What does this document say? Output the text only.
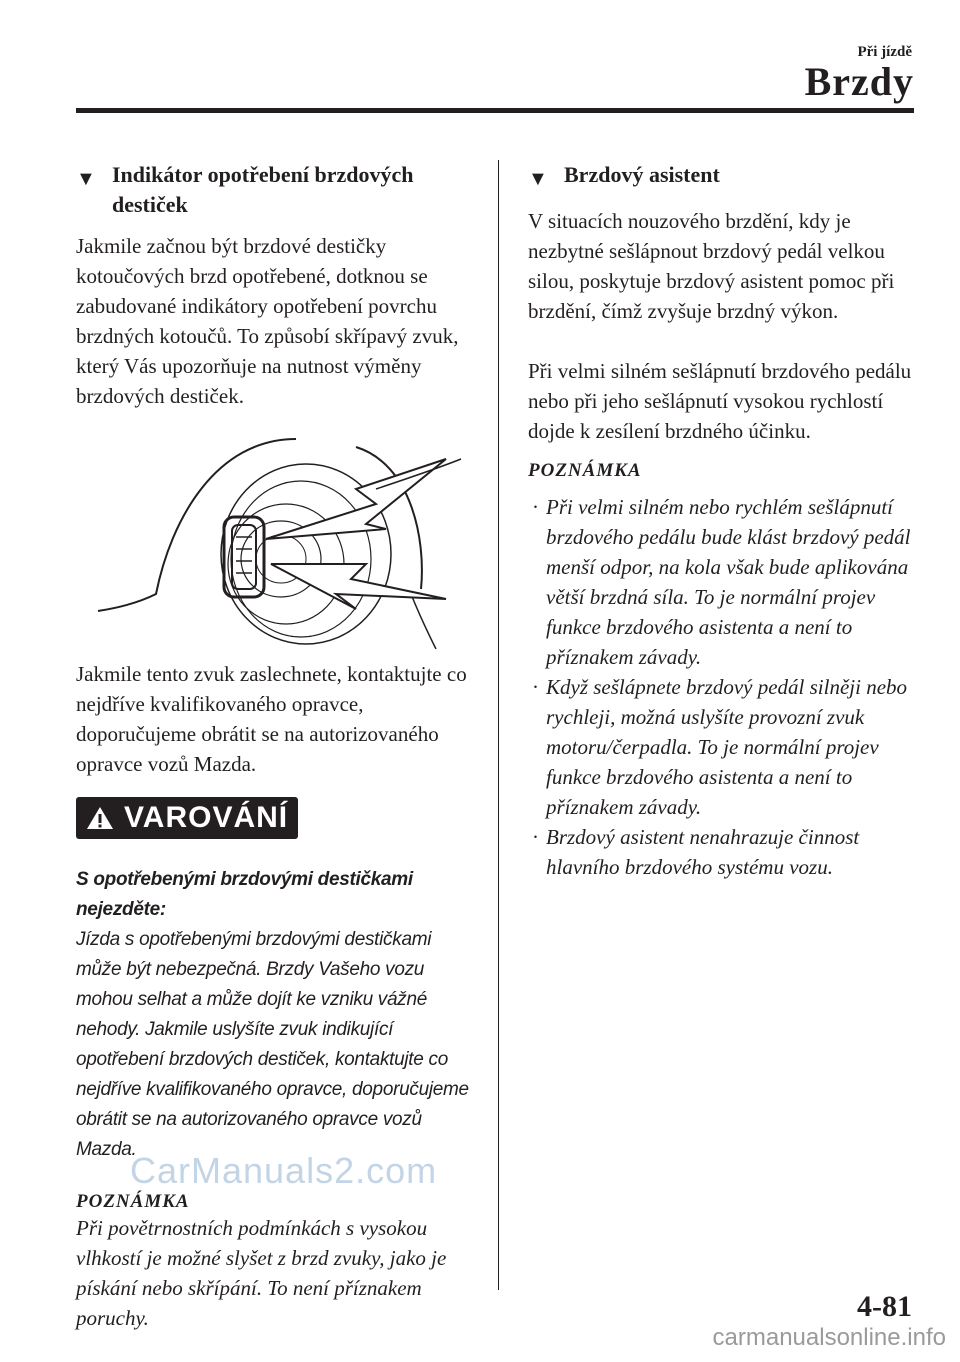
Při jízdě
Brzdy
▼ Indikátor opotřebení brzdových destiček

Jakmile začnou být brzdové destičky kotoučových brzd opotřebené, dotknou se zabudované indikátory opotřebení povrchu brzdných kotoučů. To způsobí skřípavý zvuk, který Vás upozorňuje na nutnost výměny brzdových destiček.

Jakmile tento zvuk zaslechnete, kontaktujte co nejdříve kvalifikovaného opravce, doporučujeme obrátit se na autorizovaného opravce vozů Mazda.

VAROVÁNÍ

S opotřebenými brzdovými destičkami nejezděte:

Jízda s opotřebenými brzdovými destičkami může být nebezpečná. Brzdy Vašeho vozu mohou selhat a může dojít ke vzniku vážné nehody. Jakmile uslyšíte zvuk indikující opotřebení brzdových destiček, kontaktujte co nejdříve kvalifikovaného opravce, doporučujeme obrátit se na autorizovaného opravce vozů Mazda.

POZNÁMKA

Při povětrnostních podmínkách s vysokou vlhkostí je možné slyšet z brzd zvuky, jako je pískání nebo skřípání. To není příznakem poruchy.

▼ Brzdový asistent

V situacích nouzového brzdění, kdy je nezbytné sešlápnout brzdový pedál velkou silou, poskytuje brzdový asistent pomoc při brzdění, čímž zvyšuje brzdný výkon.

Při velmi silném sešlápnutí brzdového pedálu nebo při jeho sešlápnutí vysokou rychlostí dojde k zesílení brzdného účinku.

POZNÁMKA
· Při velmi silném nebo rychlém sešlápnutí brzdového pedálu bude klást brzdový pedál menší odpor, na kola však bude aplikována větší brzdná síla. To je normální projev funkce brzdového asistenta a není to příznakem závady.
· Když sešlápnete brzdový pedál silněji nebo rychleji, možná uslyšíte provozní zvuk motoru/čerpadla. To je normální projev funkce brzdového asistenta a není to příznakem závady.
· Brzdový asistent nenahrazuje činnost hlavního brzdového systému vozu.
CarManuals2.com
4-81
carmanualsonline.info
